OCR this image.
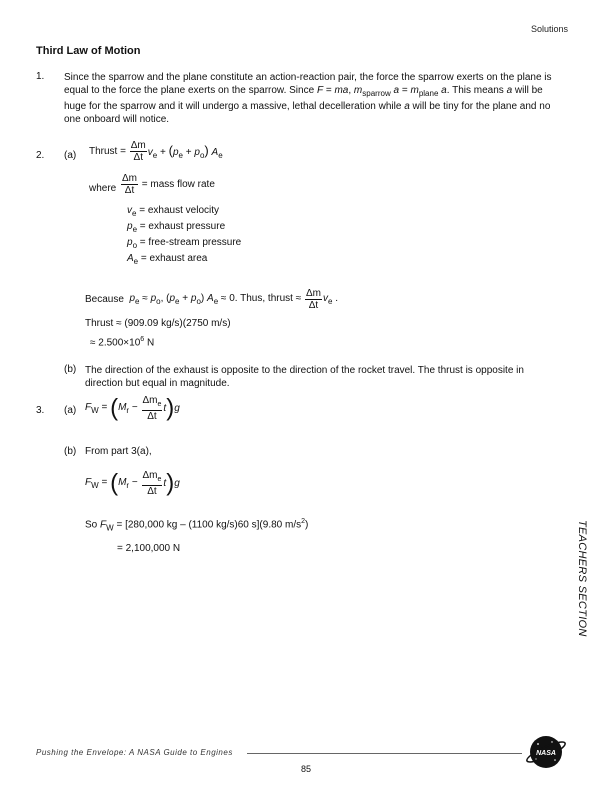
Solutions
Third Law of Motion
1. Since the sparrow and the plane constitute an action-reaction pair, the force the sparrow exerts on the plane is equal to the force the plane exerts on the sparrow. Since F = ma, $m_{sparrow}$ $a = m_{plane}$ a. This means a will be huge for the sparrow and it will undergo a massive, lethal decelleration while a will be tiny for the plane and no one onboard will notice.
2. (a) Thrust = $\frac{\Delta m}{\Delta t} v_e + (p_e + p_o)$ $A_e$
where $\frac{\Delta m}{\Delta t}$ = mass flow rate
$v_e$ = exhaust velocity
$p_e$ = exhaust pressure
$p_o$ = free-stream pressure
$A_e$ = exhaust area
Because $p_e \approx p_o$, $(p_e + p_o) A_e \approx 0$. Thus, thrust ≈ $\frac{\Delta m}{\Delta t} v_e$ .
Thrust ≈ (909.09 kg/s)(2750 m/s)
≈ $2.500\times 10^6$ N
(b) The direction of the exhaust is opposite to the direction of the rocket travel. The thrust is opposite in direction but equal in magnitude.
3. (a) $F_W = (M_r - \frac{\Delta m_e}{\Delta t} t)g$
(b) From part 3(a),
$F_W = (M_r - \frac{\Delta m_e}{\Delta t} t)g$
So $F_W = [280,000$ kg – (1100 kg/s)60 s](9.80 $m/s^2$)
= 2,100,000 N	TEACHERS SECTION
Pushing the Envelope: A NASA Guide to Engines	NASA
85
